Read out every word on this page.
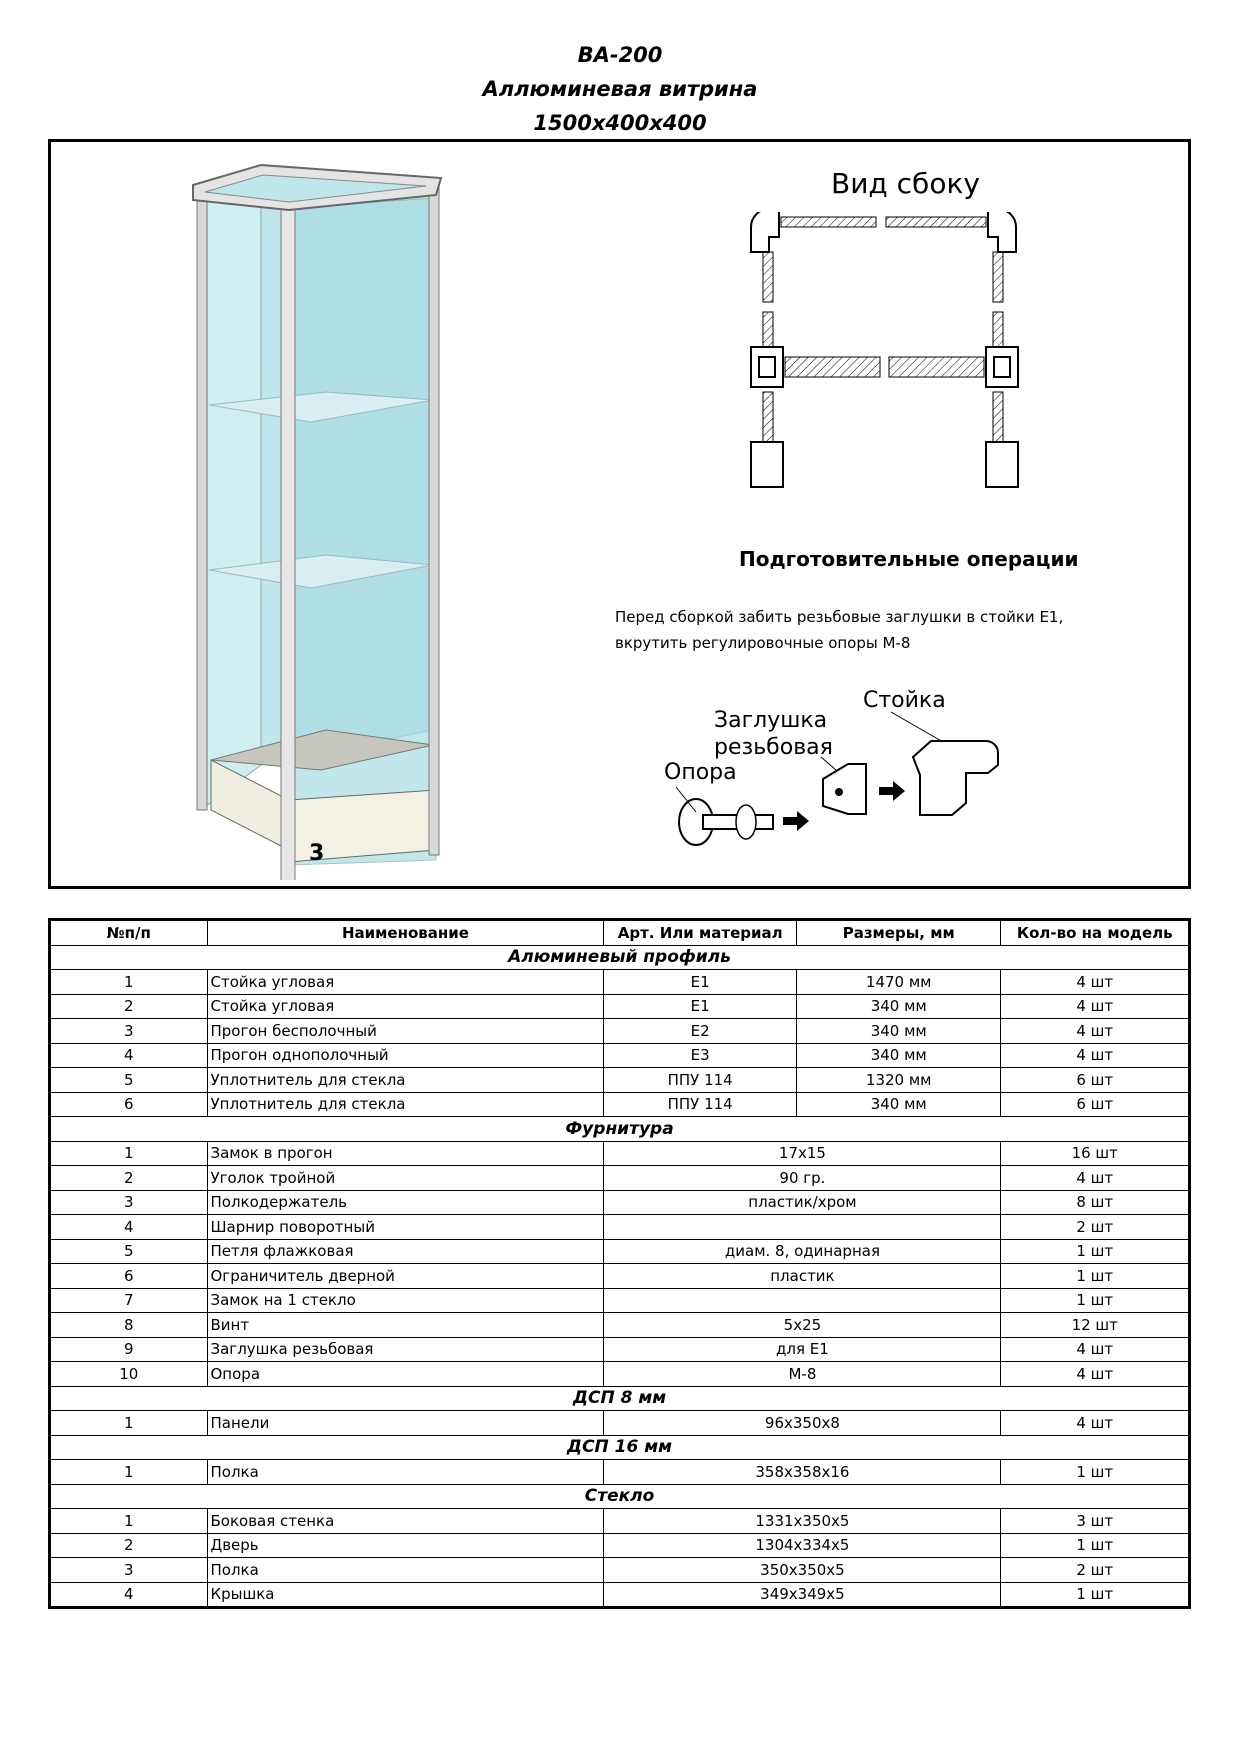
ВА-200
Аллюминевая витрина
1500х400х400
3
Вид сбоку
Подготовительные операции
Перед сборкой забить резьбовые заглушки в стойки Е1,
вкрутить регулировочные опоры М-8
Стойка
Заглушка
резьбовая
Опора
№п/п	Наименование	Арт. Или материал	Размеры, мм	Кол-во на модель
Алюминевый профиль				
1	Стойка угловая	Е1	1470 мм	4 шт
2	Стойка угловая	Е1	340 мм	4 шт
3	Прогон бесполочный	Е2	340 мм	4 шт
4	Прогон однополочный	Е3	340 мм	4 шт
5	Уплотнитель для стекла	ППУ 114	1320 мм	6 шт
6	Уплотнитель для стекла	ППУ 114	340 мм	6 шт
Фурнитура				
1	Замок в прогон	17х15		16 шт
2	Уголок тройной	90 гр.		4 шт
3	Полкодержатель	пластик/хром		8 шт
4	Шарнир поворотный			2 шт
5	Петля флажковая	диам. 8, одинарная		1 шт
6	Ограничитель дверной	пластик		1 шт
7	Замок на 1 стекло			1 шт
8	Винт	5х25		12 шт
9	Заглушка резьбовая	для Е1		4 шт
10	Опора	М-8		4 шт
ДСП 8 мм				
1	Панели	96х350х8		4 шт
ДСП 16 мм				
1	Полка	358х358х16		1 шт
Стекло				
1	Боковая стенка	1331х350х5		3 шт
2	Дверь	1304х334х5		1 шт
3	Полка	350х350х5		2 шт
4	Крышка	349х349х5		1 шт
